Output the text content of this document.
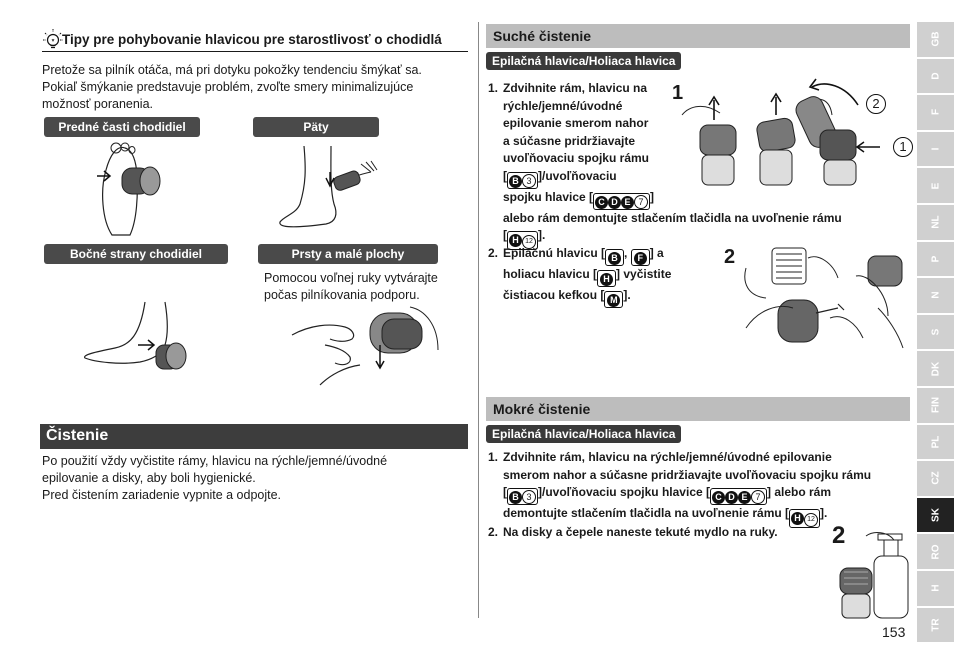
Tipy pre pohybovanie hlavicou pre starostlivosť o chodidlá
Pretože sa pilník otáča, má pri dotyku pokožky tendenciu šmýkať sa.
Pokiaľ šmýkanie predstavuje problém, zvoľte smery minimalizujúce
možnosť poranenia.
Predné časti chodidiel	Päty
Bočné strany chodidiel	Prsty a malé plochy
Pomocou voľnej ruky vytvárajte
počas pilníkovania podporu.
Čistenie
Po použití vždy vyčistite rámy, hlavicu na rýchle/jemné/úvodné
epilovanie a disky, aby boli hygienické.
Pred čistením zariadenie vypnite a odpojte.
Suché čistenie
Epilačná hlavica/Holiaca hlavica
1. Zdvihnite rám, hlavicu na
rýchle/jemné/úvodné
epilovanie smerom nahor
a súčasne pridržiavajte
uvoľňovaciu spojku rámu
[ B 3 ]/uvoľňovaciu
spojku hlavice [ C D E 7 ]
alebo rám demontujte stlačením tlačidla na uvoľnenie rámu
[ H 12 ].
1	2
1
2. Epilačnú hlavicu [ B , F ] a
holiacu hlavicu [ H ] vyčistite
čistiacou kefkou [ M ].
2
Mokré čistenie
Epilačná hlavica/Holiaca hlavica
1. Zdvihnite rám, hlavicu na rýchle/jemné/úvodné epilovanie
smerom nahor a súčasne pridržiavajte uvoľňovaciu spojku rámu
[ B 3 ]/uvoľňovaciu spojku hlavice [ C D E 7 ] alebo rám
demontujte stlačením tlačidla na uvoľnenie rámu [ H 12 ].
2. Na disky a čepele naneste tekuté mydlo na ruky. 2
153
GB
D
F
I
E
NL
P
N
S
DK
FIN
PL
CZ
SK
RO
H
TR
